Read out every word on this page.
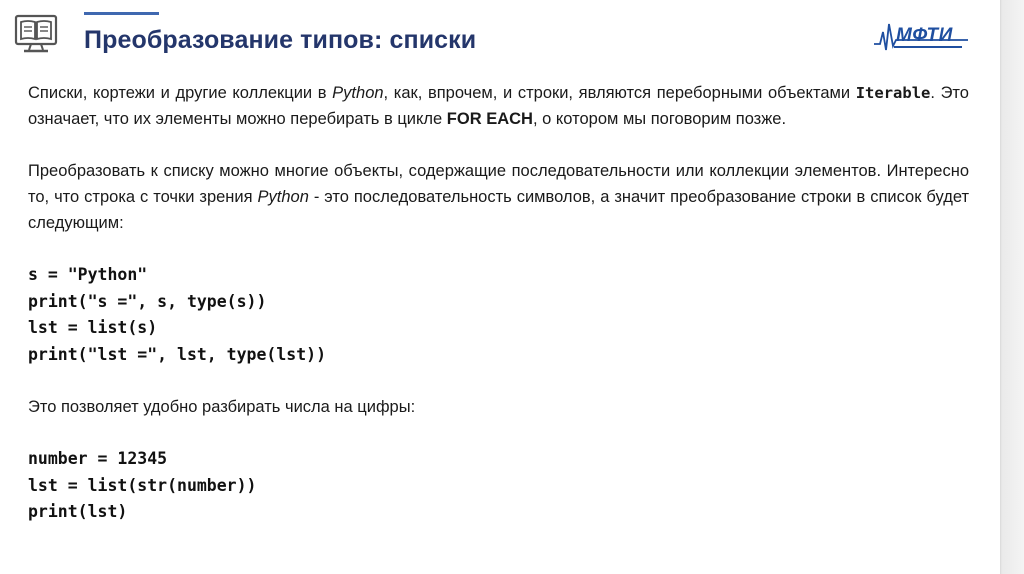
Преобразование типов: списки	МФТИ

Списки, кортежи и другие коллекции в Python, как, впрочем, и строки, являются переборными объектами Iterable. Это означает, что их элементы можно перебирать в цикле FOR EACH, о котором мы поговорим позже.

Преобразовать к списку можно многие объекты, содержащие последовательности или коллекции элементов. Интересно то, что строка с точки зрения Python - это последовательность символов, а значит преобразование строки в список будет следующим:

s = "Python"
print("s =", s, type(s))
lst = list(s)
print("lst =", lst, type(lst))

Это позволяет удобно разбирать числа на цифры:

number = 12345
lst = list(str(number))
print(lst)
